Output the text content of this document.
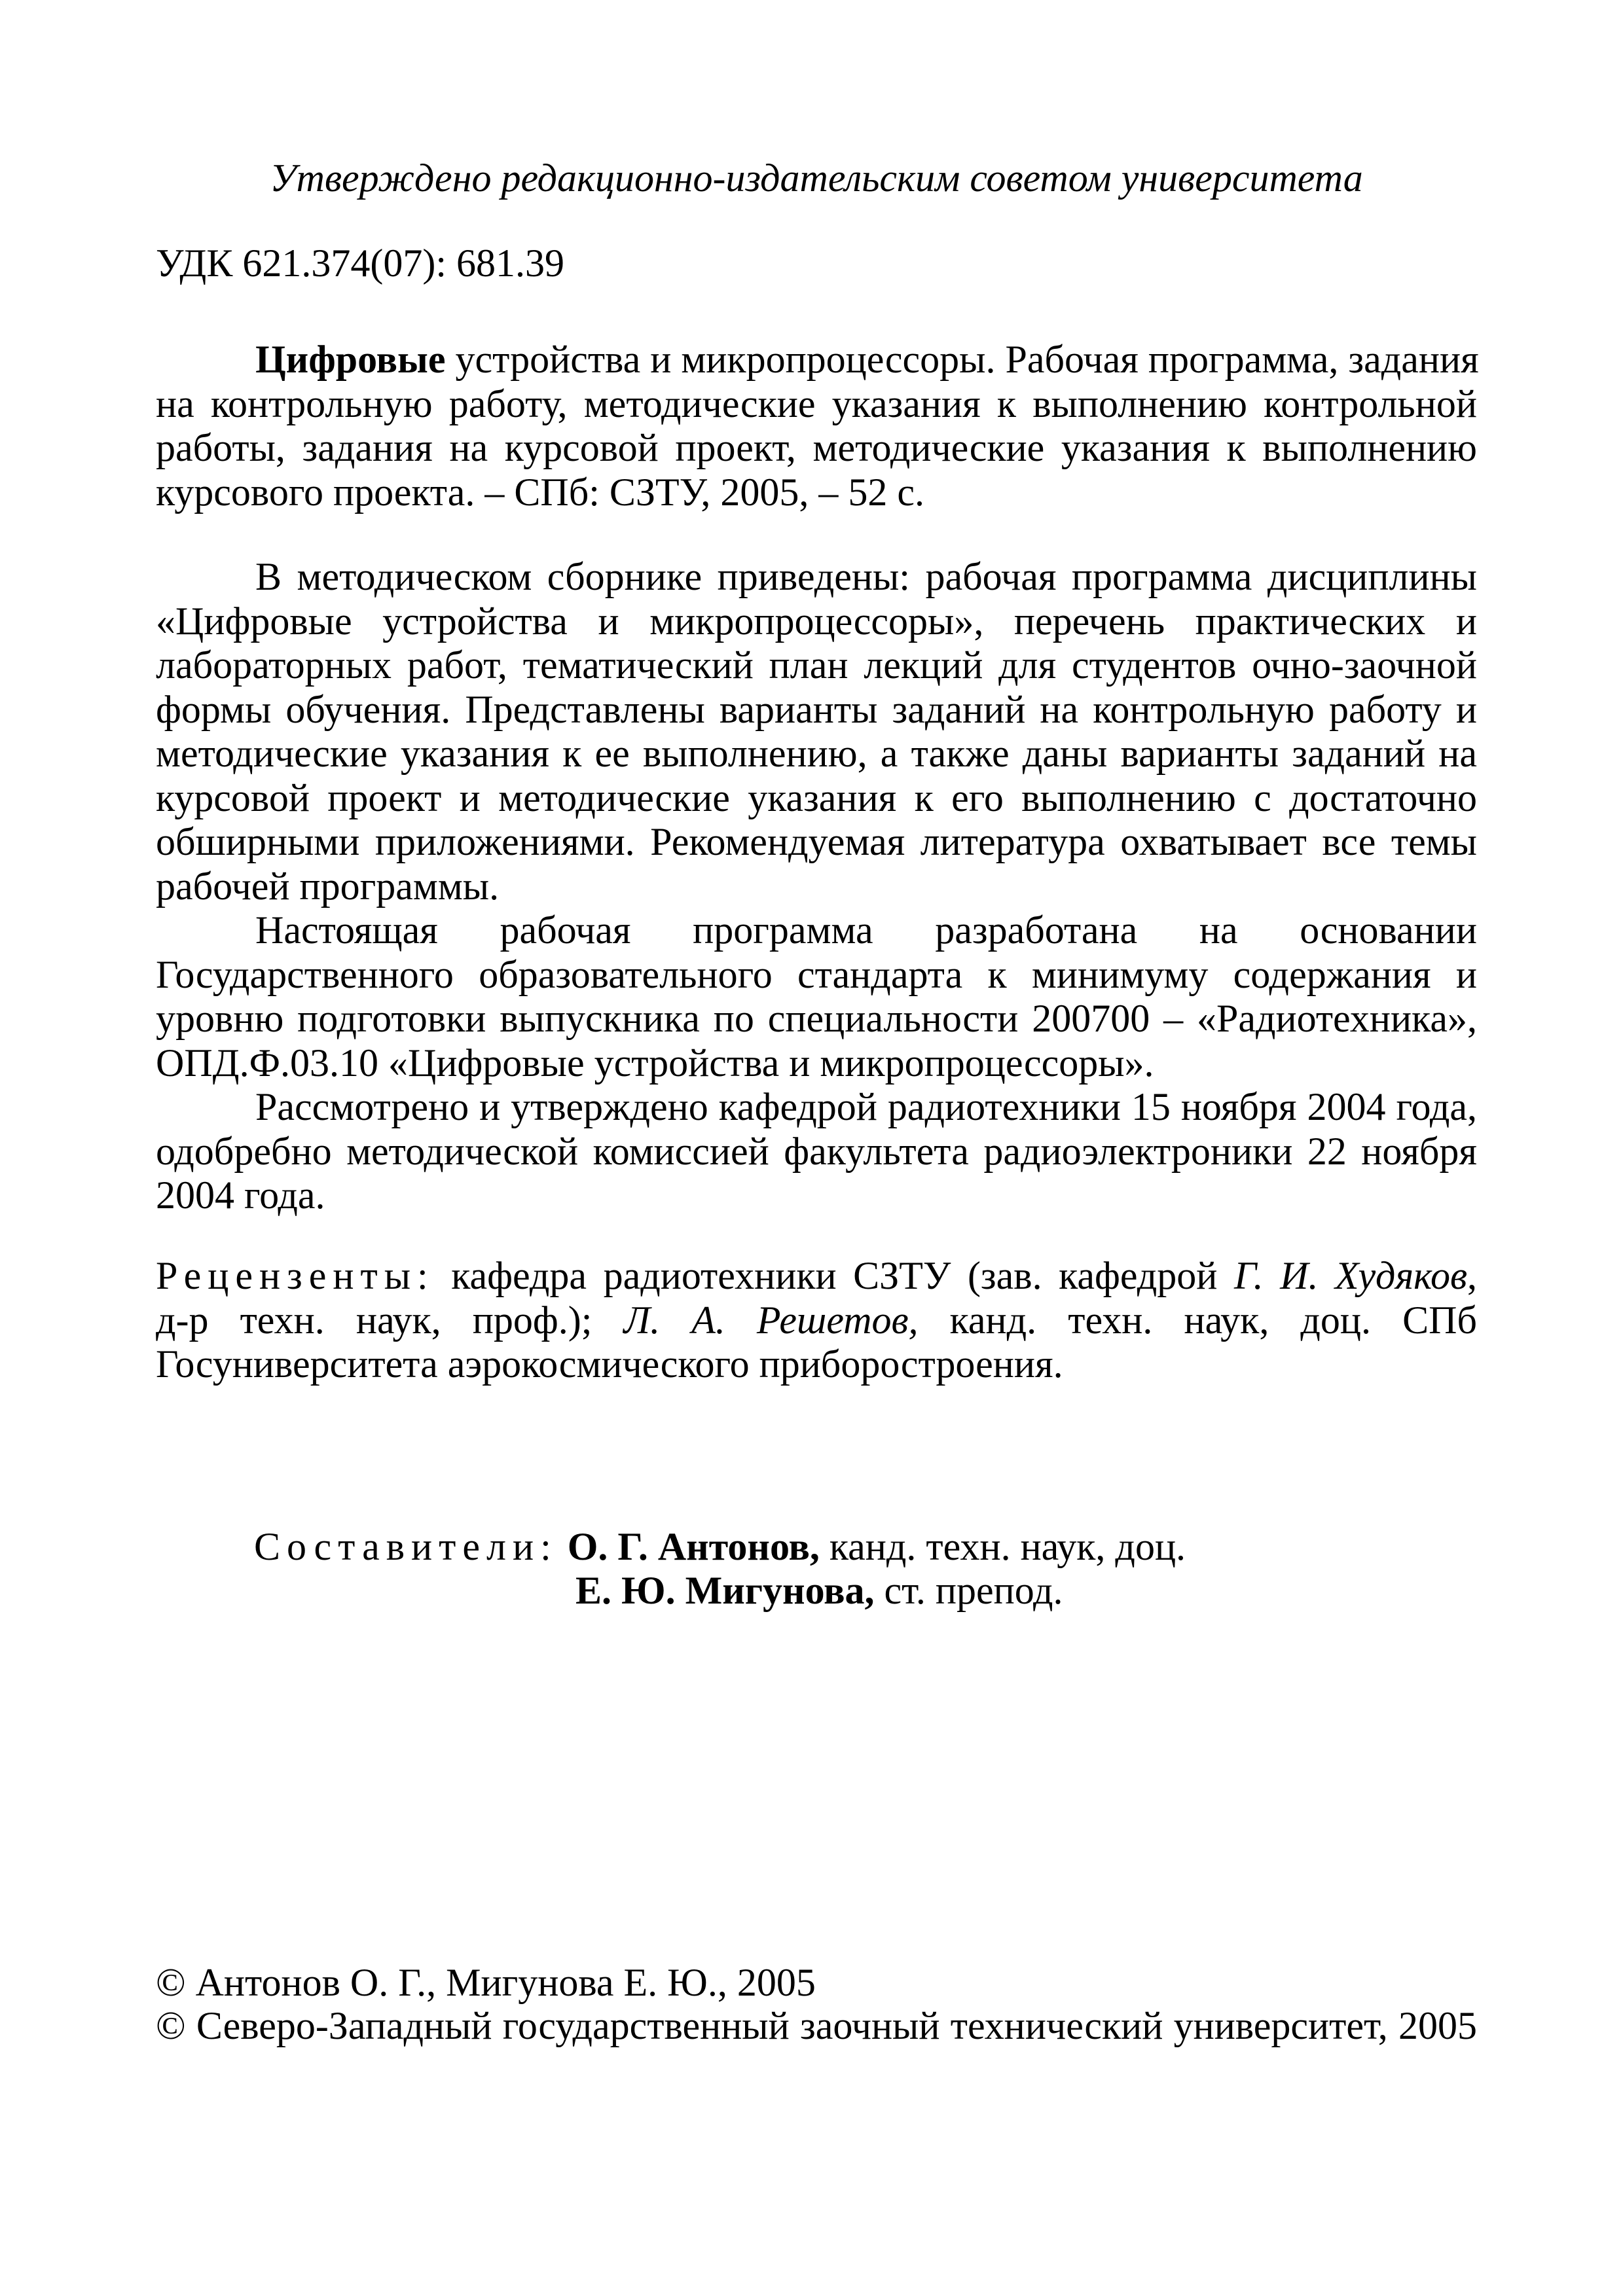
Утверждено редакционно-издательским советом университета
УДК 621.374(07): 681.39
Цифровые устройства и микропроцессоры. Рабочая программа, задания
на контрольную работу, методические указания к выполнению контрольной
работы, задания на курсовой проект, методические указания к выполнению
курсового проекта. – СПб: СЗТУ, 2005, – 52 с.
В методическом сборнике приведены: рабочая программа дисциплины
«Цифровые устройства и микропроцессоры», перечень практических и
лабораторных работ, тематический план лекций для студентов очно-заочной
формы обучения. Представлены варианты заданий на контрольную работу и
методические указания к ее выполнению, а также даны варианты заданий на
курсовой проект и методические указания к его выполнению с достаточно
обширными приложениями. Рекомендуемая литература охватывает все темы
рабочей программы.
Настоящая рабочая программа разработана на основании
Государственного образовательного стандарта к минимуму содержания и
уровню подготовки выпускника по специальности 200700 – «Радиотехника»,
ОПД.Ф.03.10 «Цифровые устройства и микропроцессоры».
Рассмотрено и утверждено кафедрой радиотехники 15 ноября 2004 года,
одобребно методической комиссией факультета радиоэлектроники 22 ноября
2004 года.
Рецензенты: кафедра радиотехники СЗТУ (зав. кафедрой Г. И. Худяков,
д-р техн. наук, проф.); Л. А. Решетов, канд. техн. наук, доц. СПб
Госуниверситета аэрокосмического приборостроения.
Составители: О. Г. Антонов, канд. техн. наук, доц.
Е. Ю. Мигунова, ст. препод.
© Антонов О. Г., Мигунова Е. Ю., 2005
© Северо-Западный государственный заочный технический университет, 2005
